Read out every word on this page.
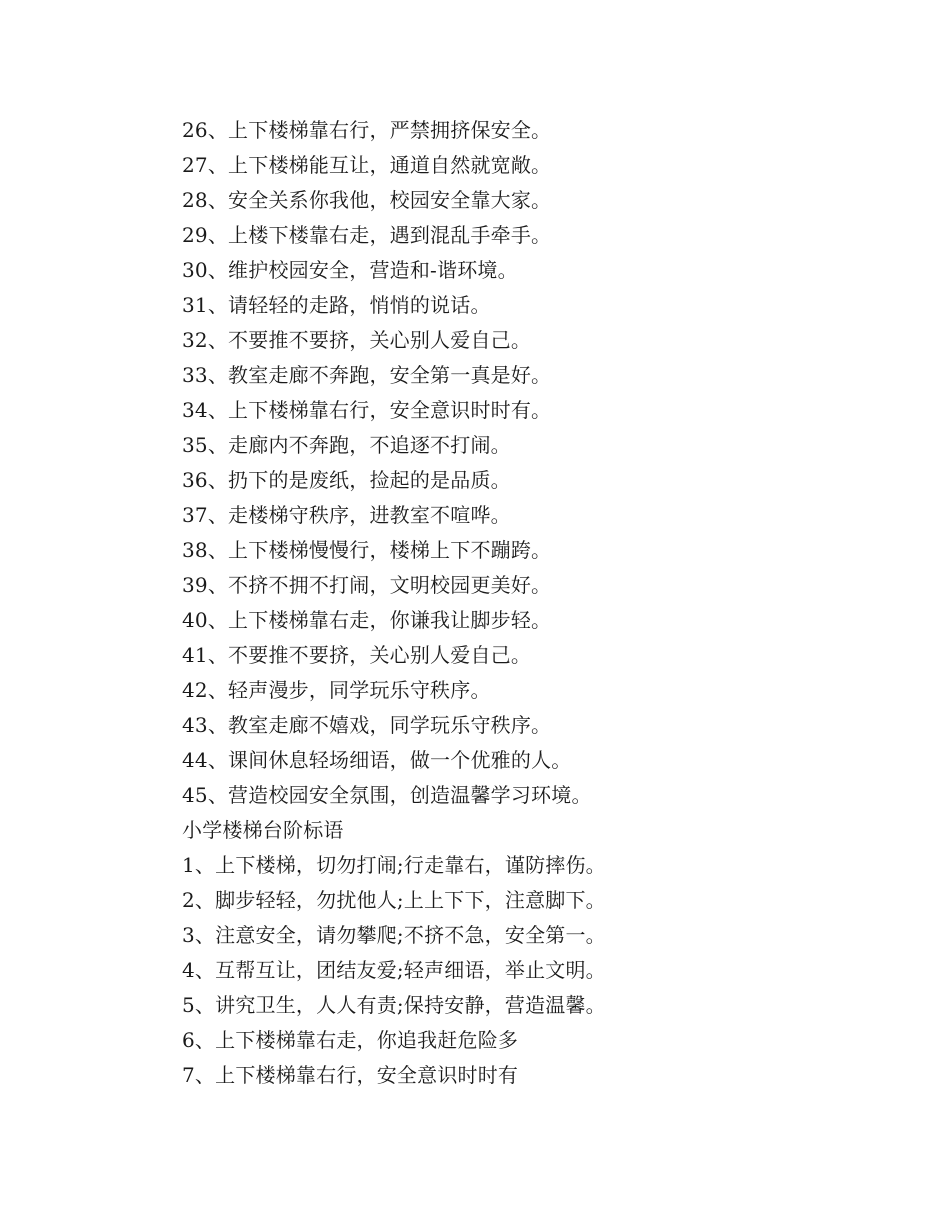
26、上下楼梯靠右行，严禁拥挤保安全。
27、上下楼梯能互让，通道自然就宽敞。
28、安全关系你我他，校园安全靠大家。
29、上楼下楼靠右走，遇到混乱手牵手。
30、维护校园安全，营造和-谐环境。
31、请轻轻的走路，悄悄的说话。
32、不要推不要挤，关心别人爱自己。
33、教室走廊不奔跑，安全第一真是好。
34、上下楼梯靠右行，安全意识时时有。
35、走廊内不奔跑，不追逐不打闹。
36、扔下的是废纸，捡起的是品质。
37、走楼梯守秩序，进教室不喧哗。
38、上下楼梯慢慢行，楼梯上下不蹦跨。
39、不挤不拥不打闹，文明校园更美好。
40、上下楼梯靠右走，你谦我让脚步轻。
41、不要推不要挤，关心别人爱自己。
42、轻声漫步，同学玩乐守秩序。
43、教室走廊不嬉戏，同学玩乐守秩序。
44、课间休息轻场细语，做一个优雅的人。
45、营造校园安全氛围，创造温馨学习环境。
小学楼梯台阶标语
1、上下楼梯，切勿打闹;行走靠右，谨防摔伤。
2、脚步轻轻，勿扰他人;上上下下，注意脚下。
3、注意安全，请勿攀爬;不挤不急，安全第一。
4、互帮互让，团结友爱;轻声细语，举止文明。
5、讲究卫生，人人有责;保持安静，营造温馨。
6、上下楼梯靠右走，你追我赶危险多
7、上下楼梯靠右行，安全意识时时有
